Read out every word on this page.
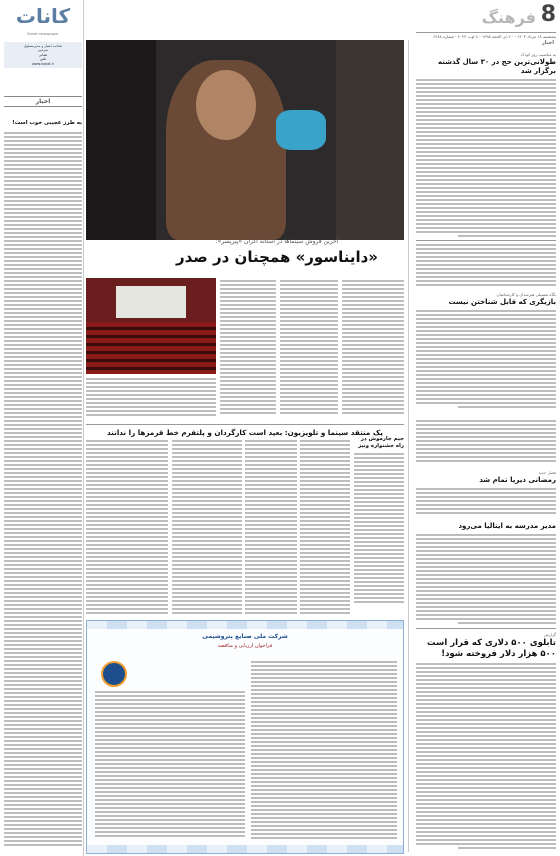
کانات
Kanat newspaper
صاحب امتیاز و مدیرمسئول
سردبیر
نشانی
تلفن
www.kanat.ir
اخبار
به طرز عجیبی خوب است!
8
فرهنگ
پنجشنبه ۱۸ مرداد ۱۴۰۳ - ۲۰ ذی الحجه ۱۴۴۵ - ۸ اوت ۲۰۲۴ - شماره ۶۲۸۸
اخبار
به مناسبت روز کودک
طولانی‌ترین حج در ۳۰ سال گذشته برگزار شد
نگاه تفصیلی هنرمندان و کارشناسان
بازیگری که قابل شناختن نیست
فصل جدید
رمضانی دیرپا تمام شد
مدیر مدرسه به ایتالیا می‌رود
گزارش
تابلوی ۵۰۰ دلاری که قرار است ۵۰۰ هزار دلار فروخته شود!
آخرین فروش سینماها در آستانه اکران «پیرپسر»:
«دایناسور» همچنان در صدر
یک منتقد سینما و تلویزیون: بعید است کارگردان و پلتفرم خط قرمزها را ندانند
جیم جارموش در راه جشنواره ونیز
شرکت ملی صنایع پتروشیمی
فراخوان ارزیابی و مناقصه
